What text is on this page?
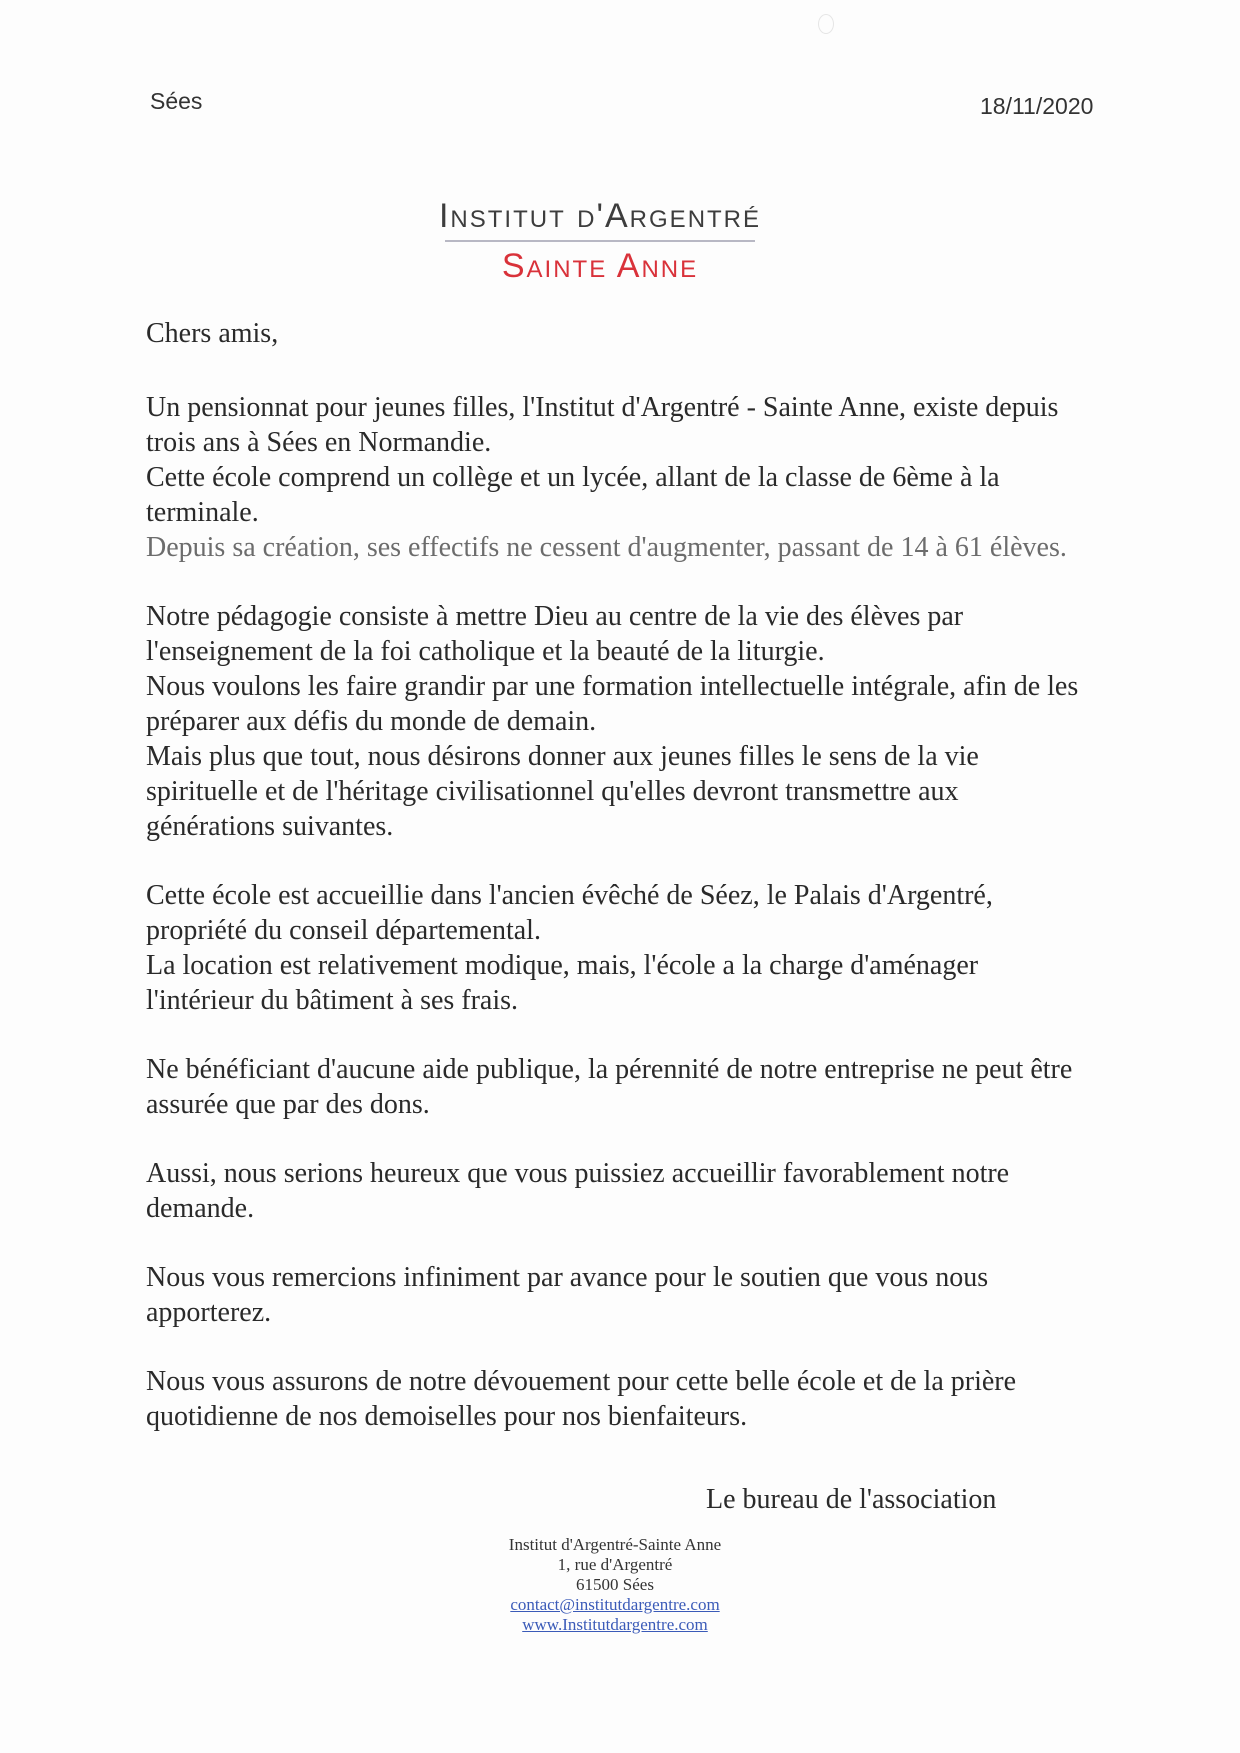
Sées	18/11/2020
Institut d'Argentré
Sainte Anne
Chers amis,
Un pensionnat pour jeunes filles, l'Institut d'Argentré - Sainte Anne, existe depuis
trois ans à Sées en Normandie.
Cette école comprend un collège et un lycée, allant de la classe de 6ème à la
terminale.
Depuis sa création, ses effectifs ne cessent d'augmenter, passant de 14 à 61 élèves.
Notre pédagogie consiste à mettre Dieu au centre de la vie des élèves par
l'enseignement de la foi catholique et la beauté de la liturgie.
Nous voulons les faire grandir par une formation intellectuelle intégrale, afin de les
préparer aux défis du monde de demain.
Mais plus que tout, nous désirons donner aux jeunes filles le sens de la vie
spirituelle et de l'héritage civilisationnel qu'elles devront transmettre aux
générations suivantes.
Cette école est accueillie dans l'ancien évêché de Séez, le Palais d'Argentré,
propriété du conseil départemental.
La location est relativement modique, mais, l'école a la charge d'aménager
l'intérieur du bâtiment à ses frais.
Ne bénéficiant d'aucune aide publique, la pérennité de notre entreprise ne peut être
assurée que par des dons.
Aussi, nous serions heureux que vous puissiez accueillir favorablement notre
demande.
Nous vous remercions infiniment par avance pour le soutien que vous nous
apporterez.
Nous vous assurons de notre dévouement pour cette belle école et de la prière
quotidienne de nos demoiselles pour nos bienfaiteurs.
Le bureau de l'association
Institut d'Argentré-Sainte Anne
1, rue d'Argentré
61500 Sées
contact@institutdargentre.com
www.Institutdargentre.com
